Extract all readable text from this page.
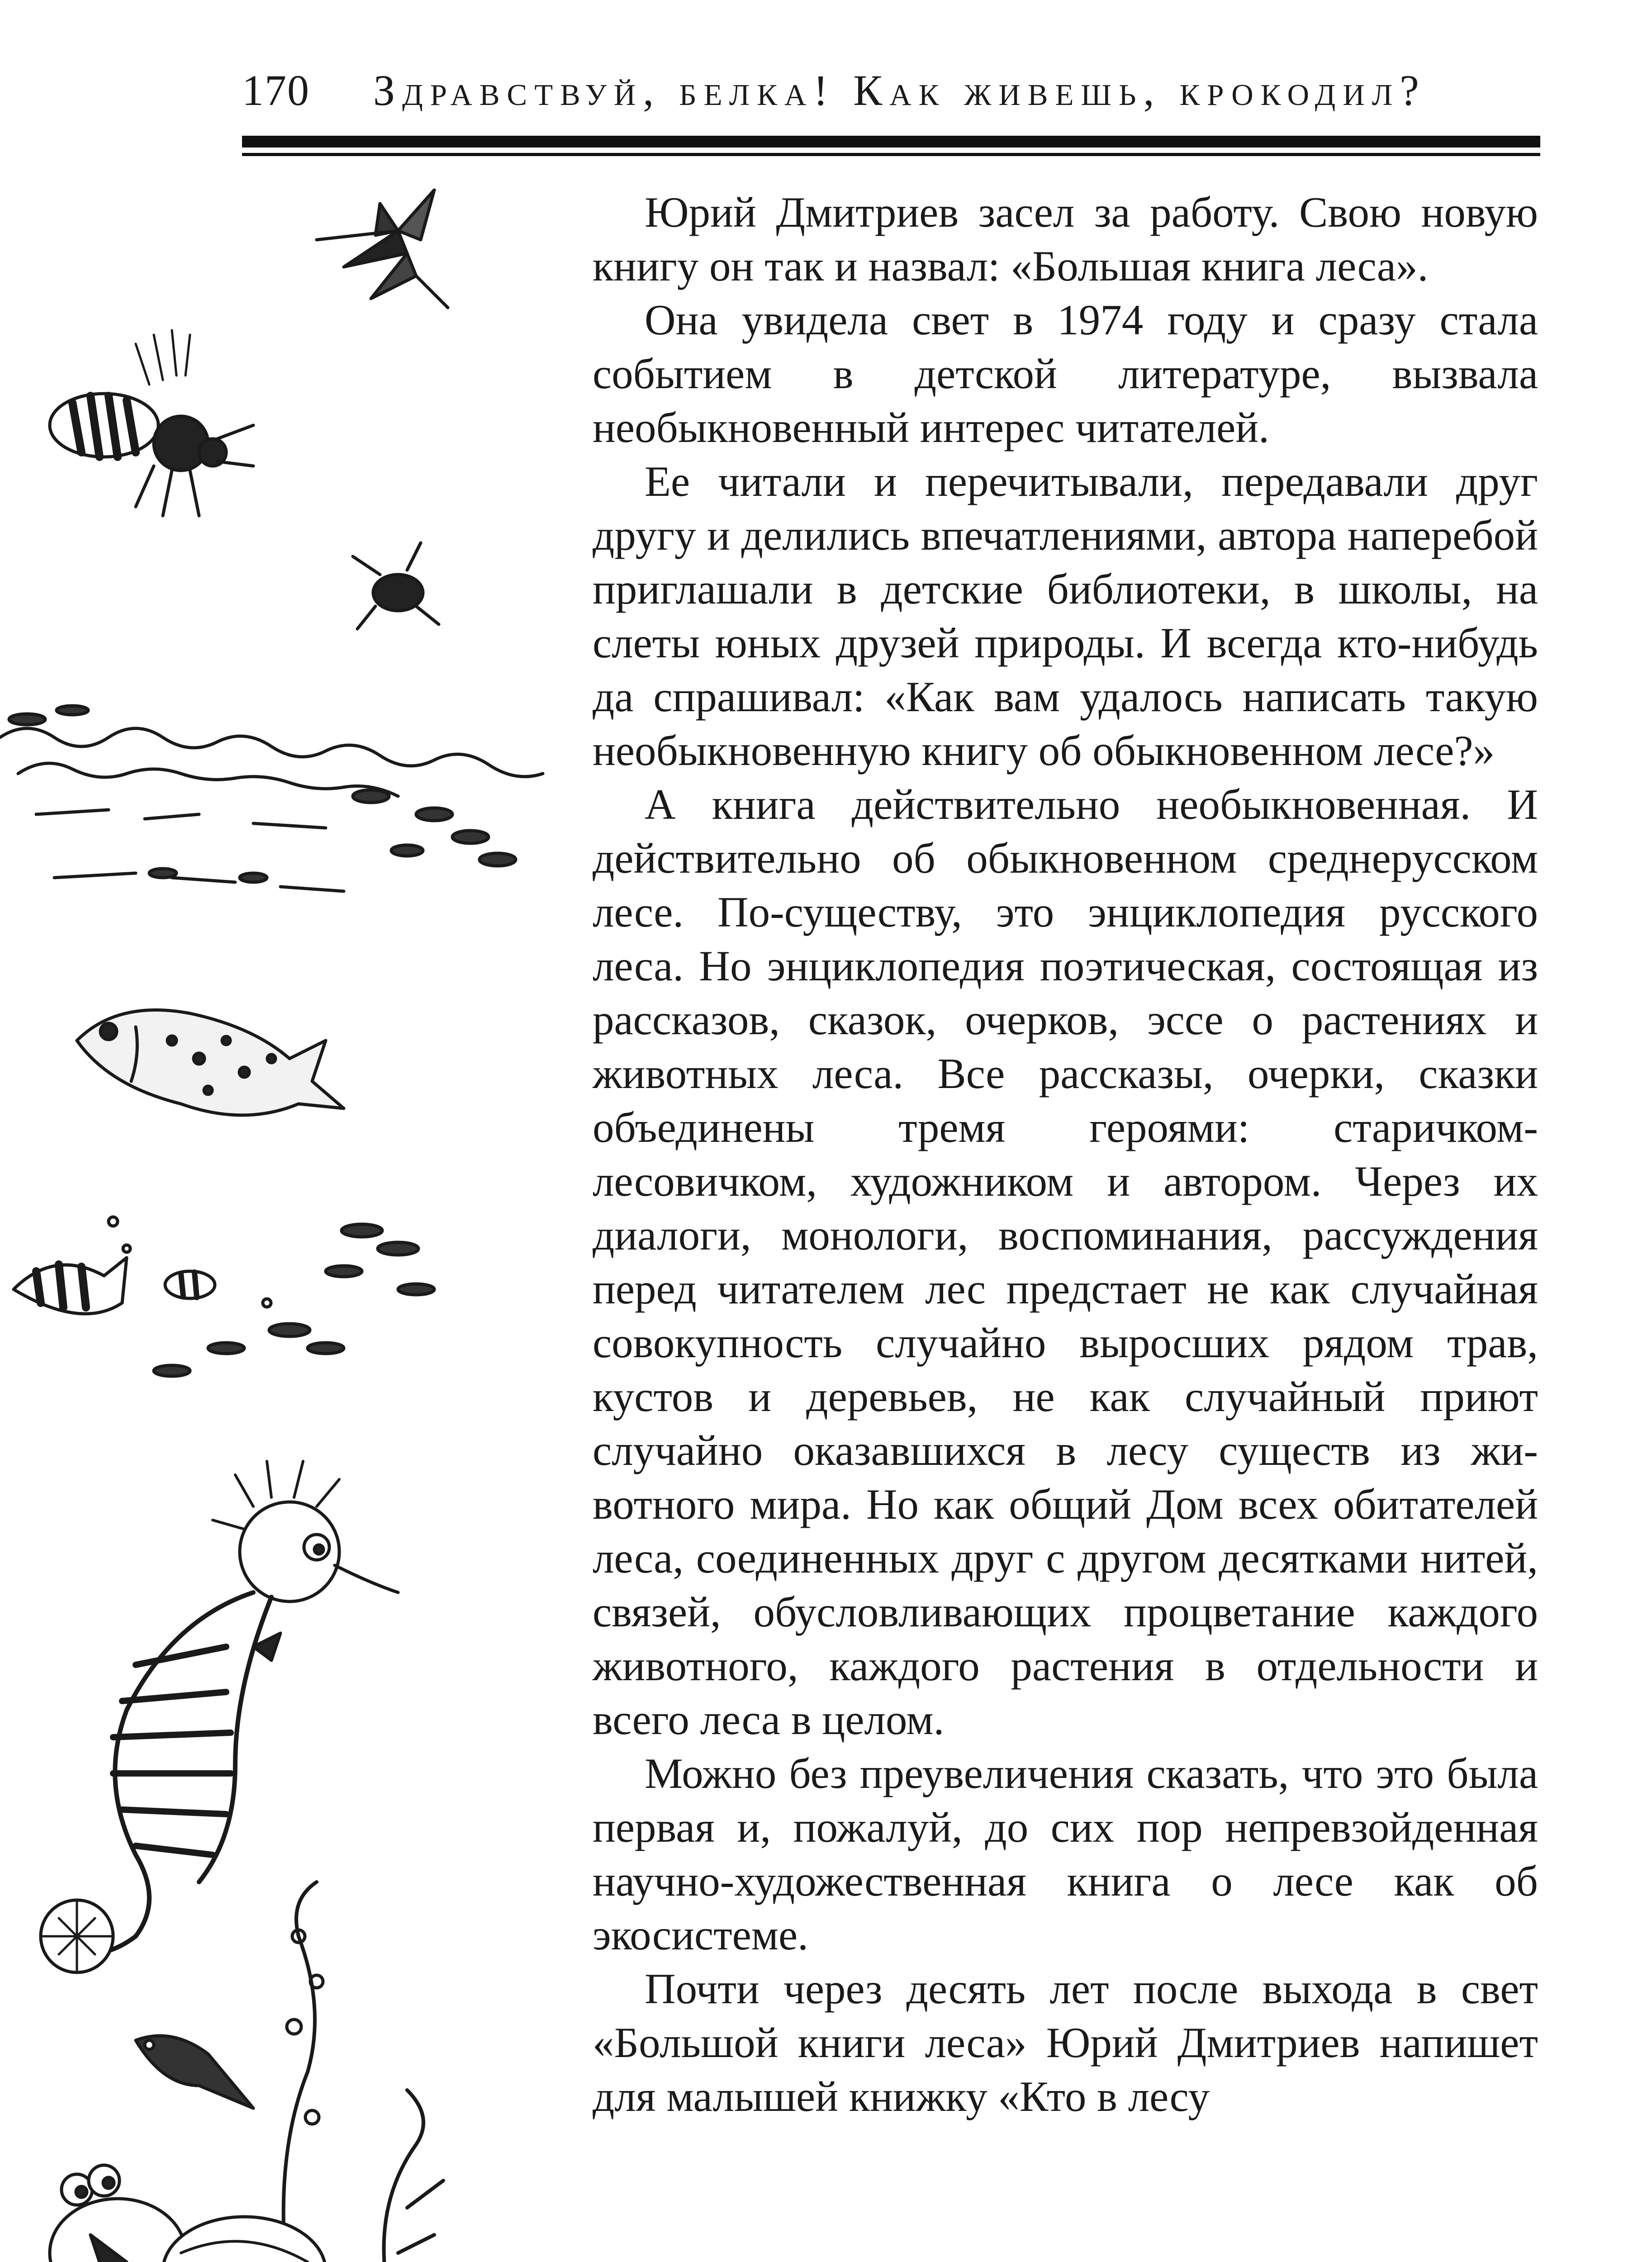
170 Здравствуй, белка! Как живешь, крокодил?

Юрий Дмитриев засел за работу. Свою новую книгу он так и назвал: «Большая книга леса».

Она увидела свет в 1974 году и сразу стала событием в детской литературе, вызвала необыкновенный интерес читателей.

Ее читали и перечитывали, передавали друг другу и делились впечатлениями, автора наперебой приглашали в детские библиотеки, в школы, на слеты юных друзей природы. И всегда кто-нибудь да спрашивал: «Как вам удалось написать такую необыкновенную книгу об обыкновенном лесе?»

А книга действительно необыкновенная. И действительно об обыкновенном среднерусском лесе. По-существу, это энциклопедия русского леса. Но энциклопедия поэтическая, состоящая из рассказов, сказок, очерков, эссе о растениях и животных леса. Все рассказы, очерки, сказки объединены тремя героями: старичком-лесовичком, художником и автором. Через их диалоги, монологи, воспоминания, рассуждения перед читателем лес предстает не как случайная совокупность случайно выросших рядом трав, кустов и деревьев, не как случайный приют случайно оказавшихся в лесу существ из животного мира. Но как общий Дом всех обитателей леса, соединенных друг с другом десятками нитей, связей, обусловливающих процветание каждого животного, каждого растения в отдельности и всего леса в целом.

Можно без преувеличения сказать, что это была первая и, пожалуй, до сих пор непревзойденная научно-художественная книга о лесе как об экосистеме.

Почти через десять лет после выхода в свет «Большой книги леса» Юрий Дмитриев напишет для малышей книжку «Кто в лесу
